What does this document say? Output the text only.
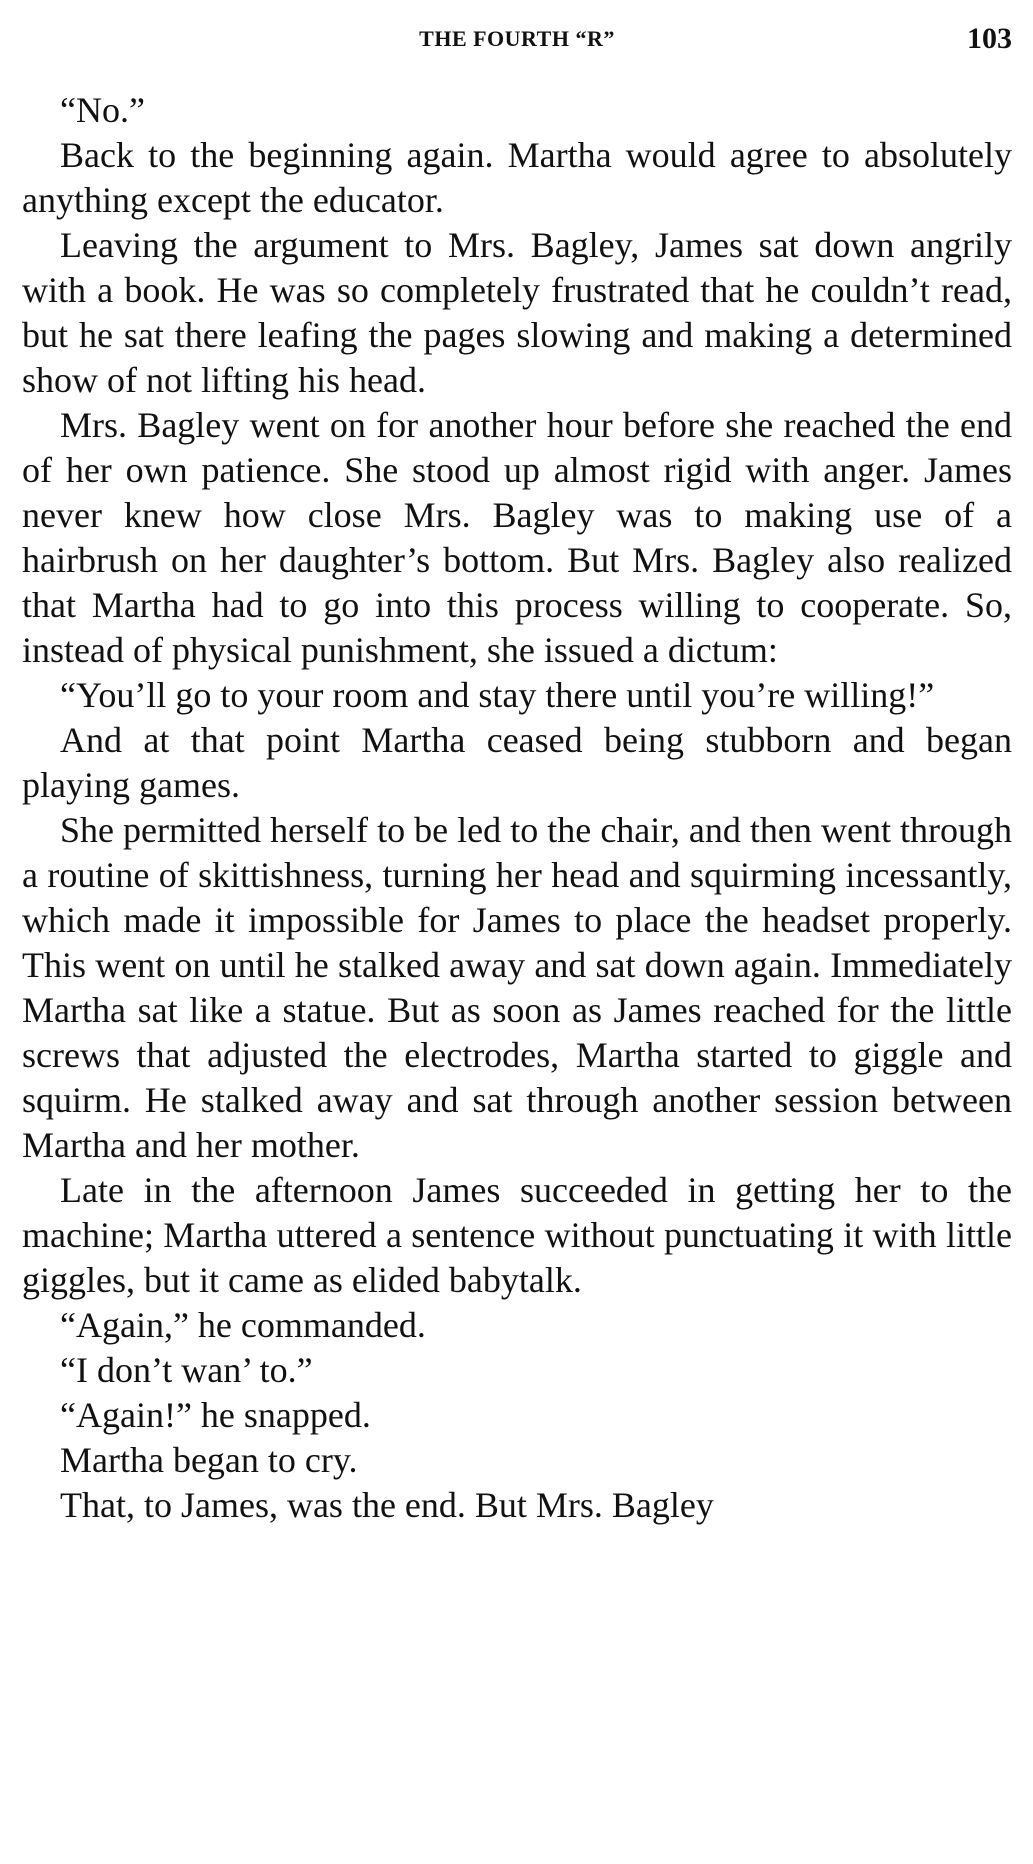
THE FOURTH “R”	103

“No.”

Back to the beginning again. Martha would agree to absolutely anything except the educator.

Leaving the argument to Mrs. Bagley, James sat down angrily with a book. He was so completely frustrated that he couldn’t read, but he sat there leafing the pages slowing and making a determined show of not lifting his head.

Mrs. Bagley went on for another hour before she reached the end of her own patience. She stood up almost rigid with anger. James never knew how close Mrs. Bagley was to making use of a hairbrush on her daughter’s bottom. But Mrs. Bagley also realized that Martha had to go into this process willing to cooperate. So, instead of physical punishment, she issued a dictum:

“You’ll go to your room and stay there until you’re willing!”

And at that point Martha ceased being stubborn and began playing games.

She permitted herself to be led to the chair, and then went through a routine of skittishness, turning her head and squirming incessantly, which made it impossible for James to place the headset properly. This went on until he stalked away and sat down again. Immediately Martha sat like a statue. But as soon as James reached for the little screws that adjusted the electrodes, Martha started to giggle and squirm. He stalked away and sat through another session between Martha and her mother.

Late in the afternoon James succeeded in getting her to the machine; Martha uttered a sentence without punctuating it with little giggles, but it came as elided babytalk.

“Again,” he commanded.

“I don’t wan’ to.”

“Again!” he snapped.

Martha began to cry.

That, to James, was the end. But Mrs. Bagley
